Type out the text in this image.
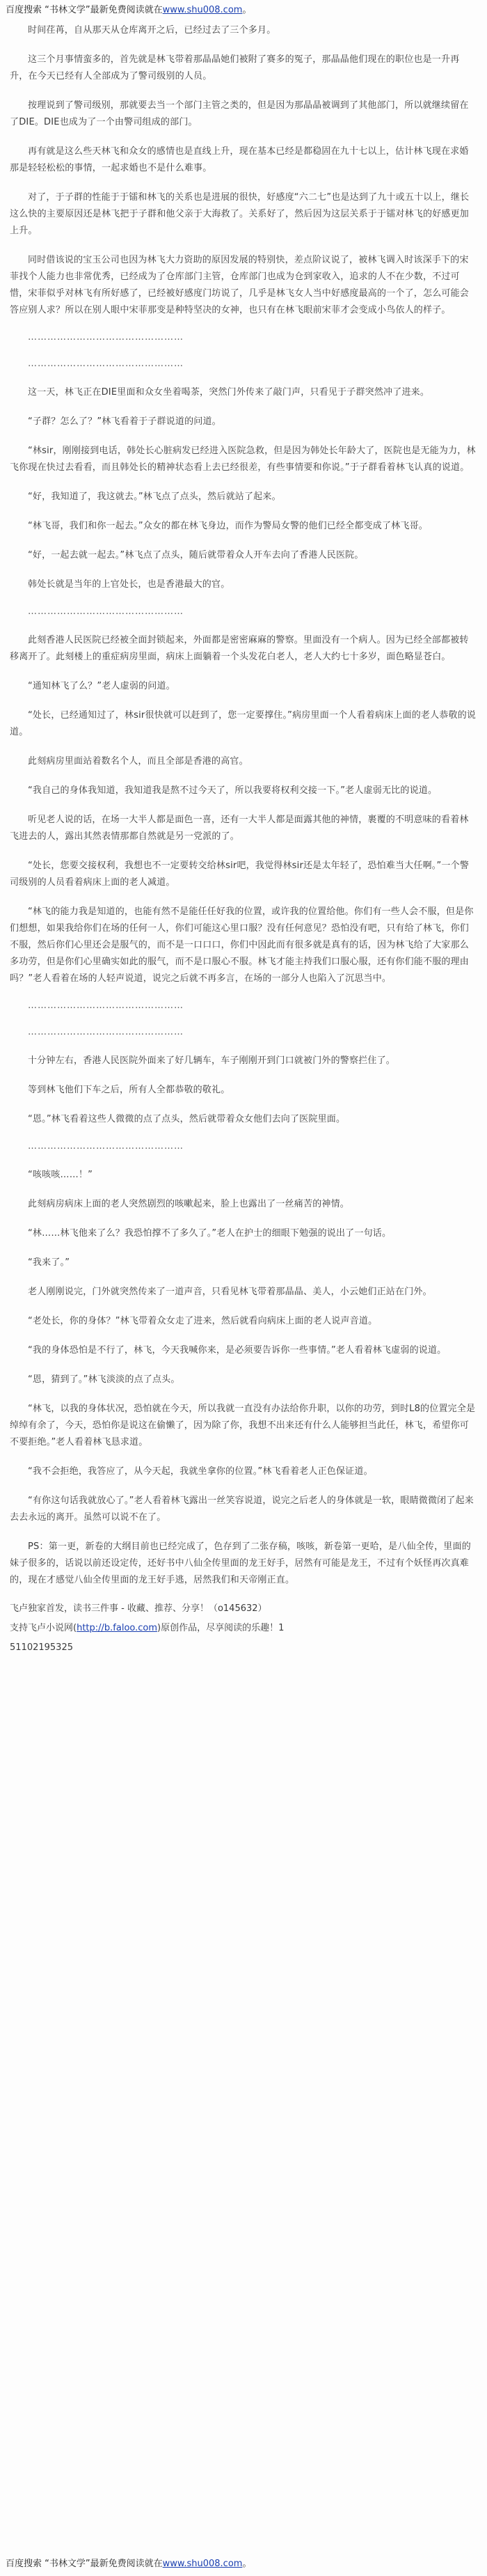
百度搜索 “书林文学”最新免费阅读就在www.shu008.com。

时间荏苒，自从那天从仓库离开之后，已经过去了三个多月。

这三个月事情蛮多的，首先就是林飞带着那晶晶她们被附了赛多的冤子，那晶晶他们现在的职位也是一升再升，在今天已经有人全部成为了警司级别的人员。

按理说到了警司级别，那就要去当一个部门主管之类的，但是因为那晶晶被调到了其他部门，所以就继续留在了DIE。DIE也成为了一个由警司组成的部门。

再有就是这么些天林飞和众女的感情也是直线上升，现在基本已经是都稳固在九十七以上，估计林飞现在求婚那是轻轻松松的事情，一起求婚也不是什么难事。

对了，于子群的性能于于镭和林飞的关系也是进展的很快，好感度“六二七”也是达到了九十或五十以上，继长这么快的主要原因还是林飞把于子群和他父亲于大海救了。关系好了，然后因为这层关系于于镭对林飞的好感更加上升。

同时借该说的宝玉公司也因为林飞大力资助的原因发展的特别快，差点阶议说了，被林飞调入时该深手下的宋菲找个人能力也非常优秀，已经成为了仓库部门主管，仓库部门也成为仓到家收入，追求的人不在少数，不过可惜，宋菲似乎对林飞有所好感了，已经被好感度门坊说了，几乎是林飞女人当中好感度最高的一个了，怎么可能会答应别人求？所以在别人眼中宋菲那变是种特坚决的女神，也只有在林飞眼前宋菲才会变成小鸟依人的样子。

…………………………………………
…………………………………………

这一天，林飞正在DIE里面和众女坐着喝茶，突然门外传来了敲门声，只看见于子群突然冲了进来。

“子群？怎么了？”林飞看着于子群说道的问道。

“林sir，刚刚接到电话，韩处长心脏病发已经进入医院急救，但是因为韩处长年龄大了，医院也是无能为力，林飞你现在快过去看看，而且韩处长的精神状态看上去已经很差，有些事情要和你说。”于子群看着林飞认真的说道。

“好，我知道了，我这就去。”林飞点了点头，然后就站了起来。

“林飞哥，我们和你一起去。”众女的都在林飞身边，而作为警局女警的他们已经全都变成了林飞哥。

“好，一起去就一起去。”林飞点了点头，随后就带着众人开车去向了香港人民医院。

韩处长就是当年的上官处长，也是香港最大的官。

…………………………………………

此刻香港人民医院已经被全面封锁起来，外面都是密密麻麻的警察。里面没有一个病人。因为已经全部都被转移离开了。此刻楼上的重症病房里面，病床上面躺着一个头发花白老人，老人大约七十多岁，面色略显苍白。

“通知林飞了么？”老人虚弱的问道。

“处长，已经通知过了，林sir很快就可以赶到了，您一定要撑住。”病房里面一个人看着病床上面的老人恭敬的说道。

此刻病房里面站着数名个人，而且全部是香港的高官。

“我自己的身体我知道，我知道我是熬不过今天了，所以我要将权利交接一下。”老人虚弱无比的说道。

听见老人说的话，在场一大半人都是面色一喜，还有一大半人都是面露其他的神情，裹覆的不明意味的看着林飞进去的人，露出其然表情那都自然就是另一党派的了。

“处长，您要交接权利，我想也不一定要转交给林sir吧，我觉得林sir还是太年轻了，恐怕难当大任啊。”一个警司级别的人员看着病床上面的老人减道。

“林飞的能力我是知道的，也能有然不是能任任好我的位置，或许我的位置给他。你们有一些人会不服，但是你们想想，如果我给你们在场的任何一人，你们可能这心里口服？没有任何意见？恐怕没有吧，只有给了林飞，你们不服，然后你们心里还会是服气的，而不是一口口口，你们中因此而有很多就是真有的话，因为林飞给了大家那么多功劳，但是你们心里确实如此的服气，而不是口服心不服。林飞才能主持我们口服心服，还有你们能不服的理由吗？”老人看着在场的人轻声说道，说完之后就不再多言，在场的一部分人也陷入了沉思当中。

…………………………………………
…………………………………………

十分钟左右，香港人民医院外面来了好几辆车，车子刚刚开到门口就被门外的警察拦住了。

等到林飞他们下车之后，所有人全都恭敬的敬礼。

“恩。”林飞看着这些人微微的点了点头，然后就带着众女他们去向了医院里面。

…………………………………………

“咳咳咳……！”

此刻病房病床上面的老人突然剧烈的咳嗽起来，脸上也露出了一丝痛苦的神情。

“林……林飞他来了么？我恐怕撑不了多久了。”老人在护士的细眼下勉强的说出了一句话。

“我来了。”

老人刚刚说完，门外就突然传来了一道声音，只看见林飞带着那晶晶、美人，小云她们正站在门外。

“老处长，你的身体？”林飞带着众女走了进来，然后就看向病床上面的老人说声音道。

“我的身体恐怕是不行了，林飞，今天我喊你来，是必须要告诉你一些事情。”老人看着林飞虚弱的说道。

“恩，猜到了。”林飞淡淡的点了点头。

“林飞，以我的身体状况，恐怕就在今天，所以我就一直没有办法给你升职，以你的功劳，到时L8的位置完全是绰绰有余了，今天，恐怕你是说这在偷懒了，因为除了你，我想不出来还有什么人能够担当此任，林飞，希望你可不要拒绝。”老人看着林飞恳求道。

“我不会拒绝，我答应了，从今天起，我就坐拿你的位置。”林飞看着老人正色保证道。

“有你这句话我就放心了。”老人看着林飞露出一丝笑容说道，说完之后老人的身体就是一软，眼睛微微闭了起来去去永远的离开。虽然可以说不在了。

PS：第一更，新卷的大纲目前也已经完成了，色存到了二张存稿，咳咳，新卷第一更哈，是八仙全传，里面的妹子很多的，话说以前还设定传，还好书中八仙全传里面的龙王好手，居然有可能是龙王，不过有个妖怪再次真难的，现在才感觉八仙全传里面的龙王好手逃，居然我们和天帝刚正直。

飞卢独家首发，读书三件事 - 收藏、推荐、分享！（o145632）

支持飞卢小说网(http://b.faloo.com)原创作品，尽享阅读的乐趣！1

51102195325

百度搜索 “书林文学”最新免费阅读就在www.shu008.com。
